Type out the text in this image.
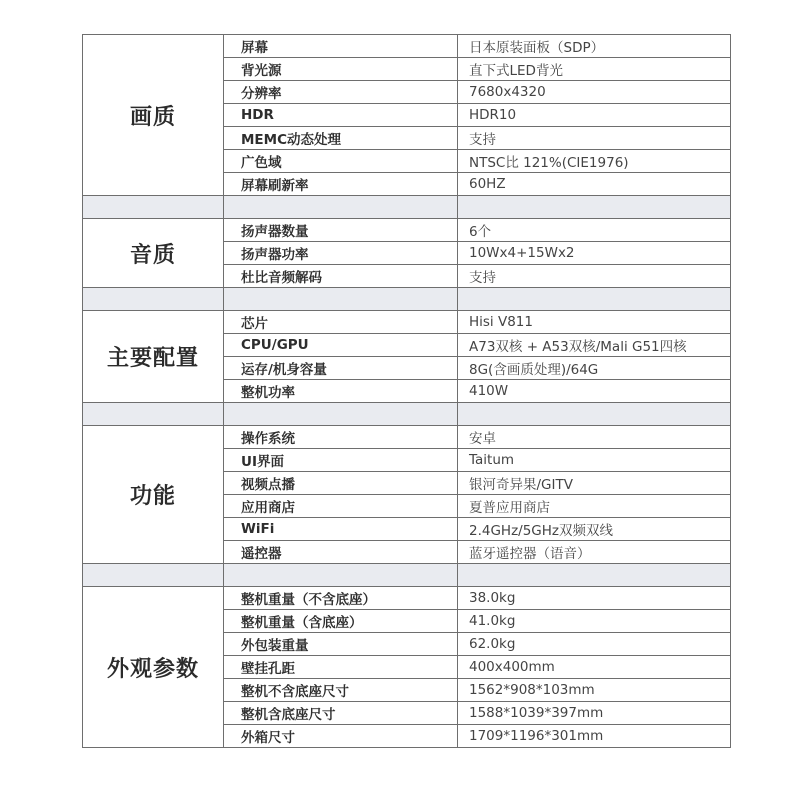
画质	屏幕	日本原装面板（SDP）
	背光源	直下式LED背光
	分辨率	7680x4320
	HDR	HDR10
	MEMC动态处理	支持
	广色域	NTSC比 121%(CIE1976)
	屏幕刷新率	60HZ

音质	扬声器数量	6个
	扬声器功率	10Wx4+15Wx2
	杜比音频解码	支持

主要配置	芯片	Hisi V811
	CPU/GPU	A73双核 + A53双核/Mali G51四核
	运存/机身容量	8G(含画质处理)/64G
	整机功率	410W

功能	操作系统	安卓
	UI界面	Taitum
	视频点播	银河奇异果/GITV
	应用商店	夏普应用商店
	WiFi	2.4GHz/5GHz双频双线
	遥控器	蓝牙遥控器（语音）

外观参数	整机重量（不含底座）	38.0kg
	整机重量（含底座）	41.0kg
	外包装重量	62.0kg
	壁挂孔距	400x400mm
	整机不含底座尺寸	1562*908*103mm
	整机含底座尺寸	1588*1039*397mm
	外箱尺寸	1709*1196*301mm
